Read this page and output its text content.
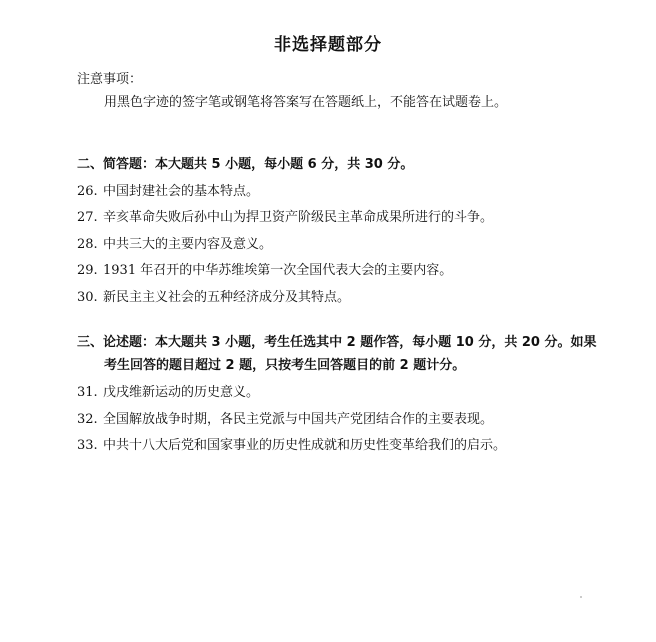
非选择题部分
注意事项：
用黑色字迹的签字笔或钢笔将答案写在答题纸上，不能答在试题卷上。
二、简答题：本大题共 5 小题，每小题 6 分，共 30 分。
26. 中国封建社会的基本特点。
27. 辛亥革命失败后孙中山为捍卫资产阶级民主革命成果所进行的斗争。
28. 中共三大的主要内容及意义。
29. 1931 年召开的中华苏维埃第一次全国代表大会的主要内容。
30. 新民主主义社会的五种经济成分及其特点。
三、论述题：本大题共 3 小题，考生任选其中 2 题作答，每小题 10 分，共 20 分。如果
考生回答的题目超过 2 题，只按考生回答题目的前 2 题计分。
31. 戊戌维新运动的历史意义。
32. 全国解放战争时期，各民主党派与中国共产党团结合作的主要表现。
33. 中共十八大后党和国家事业的历史性成就和历史性变革给我们的启示。
